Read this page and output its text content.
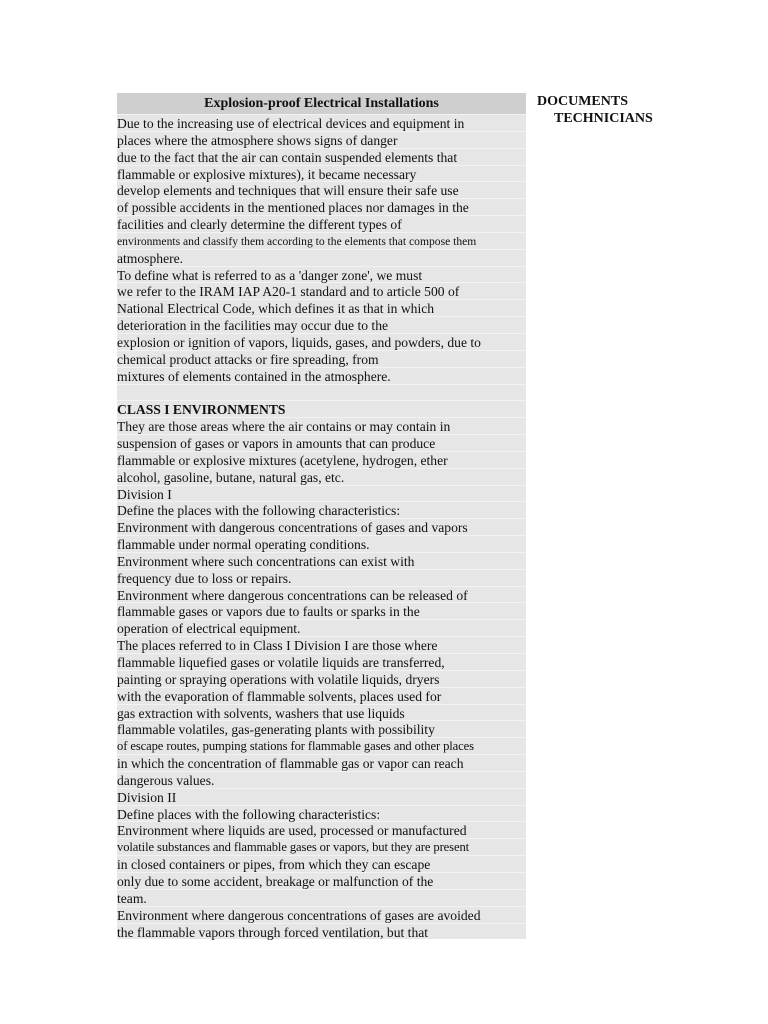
Explosion-proof Electrical Installations
Due to the increasing use of electrical devices and equipment in
places where the atmosphere shows signs of danger
due to the fact that the air can contain suspended elements that
flammable or explosive mixtures), it became necessary
develop elements and techniques that will ensure their safe use
of possible accidents in the mentioned places nor damages in the
facilities and clearly determine the different types of
environments and classify them according to the elements that compose them
atmosphere.
To define what is referred to as a 'danger zone', we must
we refer to the IRAM IAP A20-1 standard and to article 500 of
National Electrical Code, which defines it as that in which
deterioration in the facilities may occur due to the
explosion or ignition of vapors, liquids, gases, and powders, due to
chemical product attacks or fire spreading, from
mixtures of elements contained in the atmosphere.
CLASS I ENVIRONMENTS
They are those areas where the air contains or may contain in
suspension of gases or vapors in amounts that can produce
flammable or explosive mixtures (acetylene, hydrogen, ether
alcohol, gasoline, butane, natural gas, etc.
Division I
Define the places with the following characteristics:
Environment with dangerous concentrations of gases and vapors
flammable under normal operating conditions.
Environment where such concentrations can exist with
frequency due to loss or repairs.
Environment where dangerous concentrations can be released of
flammable gases or vapors due to faults or sparks in the
operation of electrical equipment.
The places referred to in Class I Division I are those where
flammable liquefied gases or volatile liquids are transferred,
painting or spraying operations with volatile liquids, dryers
with the evaporation of flammable solvents, places used for
gas extraction with solvents, washers that use liquids
flammable volatiles, gas-generating plants with possibility
of escape routes, pumping stations for flammable gases and other places
in which the concentration of flammable gas or vapor can reach
dangerous values.
Division II
Define places with the following characteristics:
Environment where liquids are used, processed or manufactured
volatile substances and flammable gases or vapors, but they are present
in closed containers or pipes, from which they can escape
only due to some accident, breakage or malfunction of the
team.
Environment where dangerous concentrations of gases are avoided
the flammable vapors through forced ventilation, but that
DOCUMENTS
TECHNICIANS
